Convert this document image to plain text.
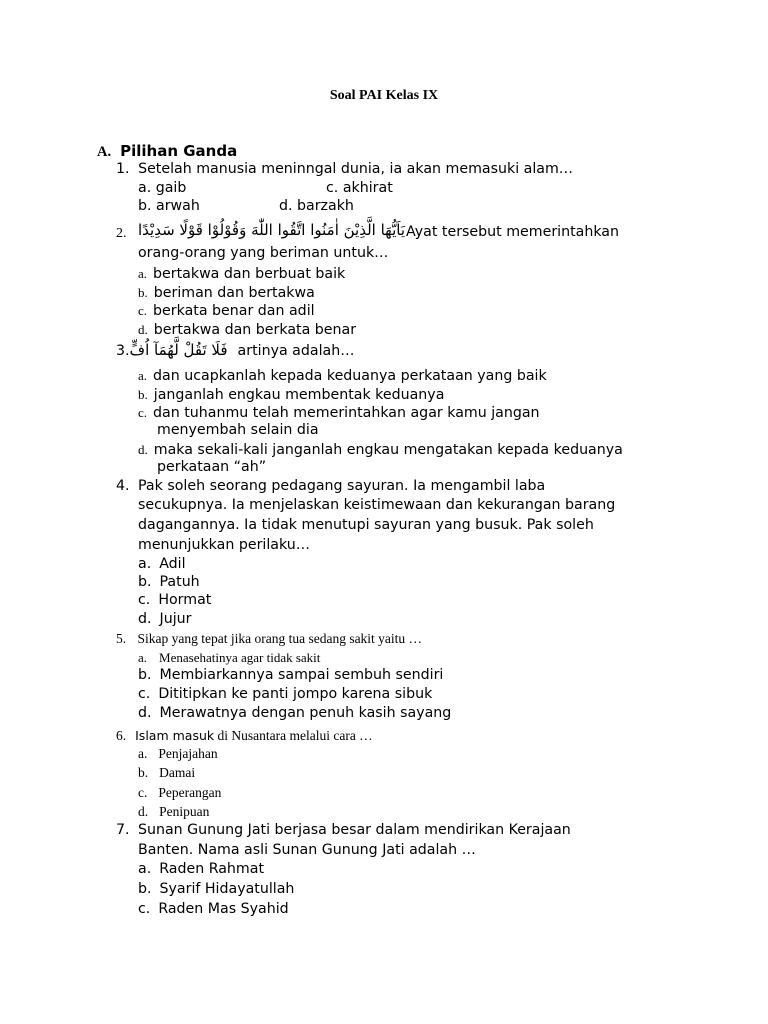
Soal PAI Kelas IX
A. Pilihan Ganda
1. Setelah manusia meninngal dunia, ia akan memasuki alam…
a. gaib	c. akhirat
b. arwah	d. barzakh
2. يَاَيُّهَا الَّذِيْنَ اٰمَنُوا اتَّقُوا اللّٰهَ وَقُوْلُوْا قَوْلًا سَدِيْدًا Ayat tersebut memerintahkan
orang-orang yang beriman untuk…
a. bertakwa dan berbuat baik
b. beriman dan bertakwa
c. berkata benar dan adil
d. bertakwa dan berkata benar
3.فَلَا تَقُلْ لَّهُمَآ اُفٍّ artinya adalah…
a. dan ucapkanlah kepada keduanya perkataan yang baik
b. janganlah engkau membentak keduanya
c. dan tuhanmu telah memerintahkan agar kamu jangan
menyembah selain dia
d. maka sekali-kali janganlah engkau mengatakan kepada keduanya
perkataan “ah”
4. Pak soleh seorang pedagang sayuran. Ia mengambil laba
secukupnya. Ia menjelaskan keistimewaan dan kekurangan barang
dagangannya. Ia tidak menutupi sayuran yang busuk. Pak soleh
menunjukkan perilaku…
a. Adil
b. Patuh
c. Hormat
d. Jujur
5. Sikap yang tepat jika orang tua sedang sakit yaitu …
a. Menasehatinya agar tidak sakit
b. Membiarkannya sampai sembuh sendiri
c. Dititipkan ke panti jompo karena sibuk
d. Merawatnya dengan penuh kasih sayang
6. Islam masuk di Nusantara melalui cara …
a. Penjajahan
b. Damai
c. Peperangan
d. Penipuan
7. Sunan Gunung Jati berjasa besar dalam mendirikan Kerajaan
Banten. Nama asli Sunan Gunung Jati adalah …
a. Raden Rahmat
b. Syarif Hidayatullah
c. Raden Mas Syahid
